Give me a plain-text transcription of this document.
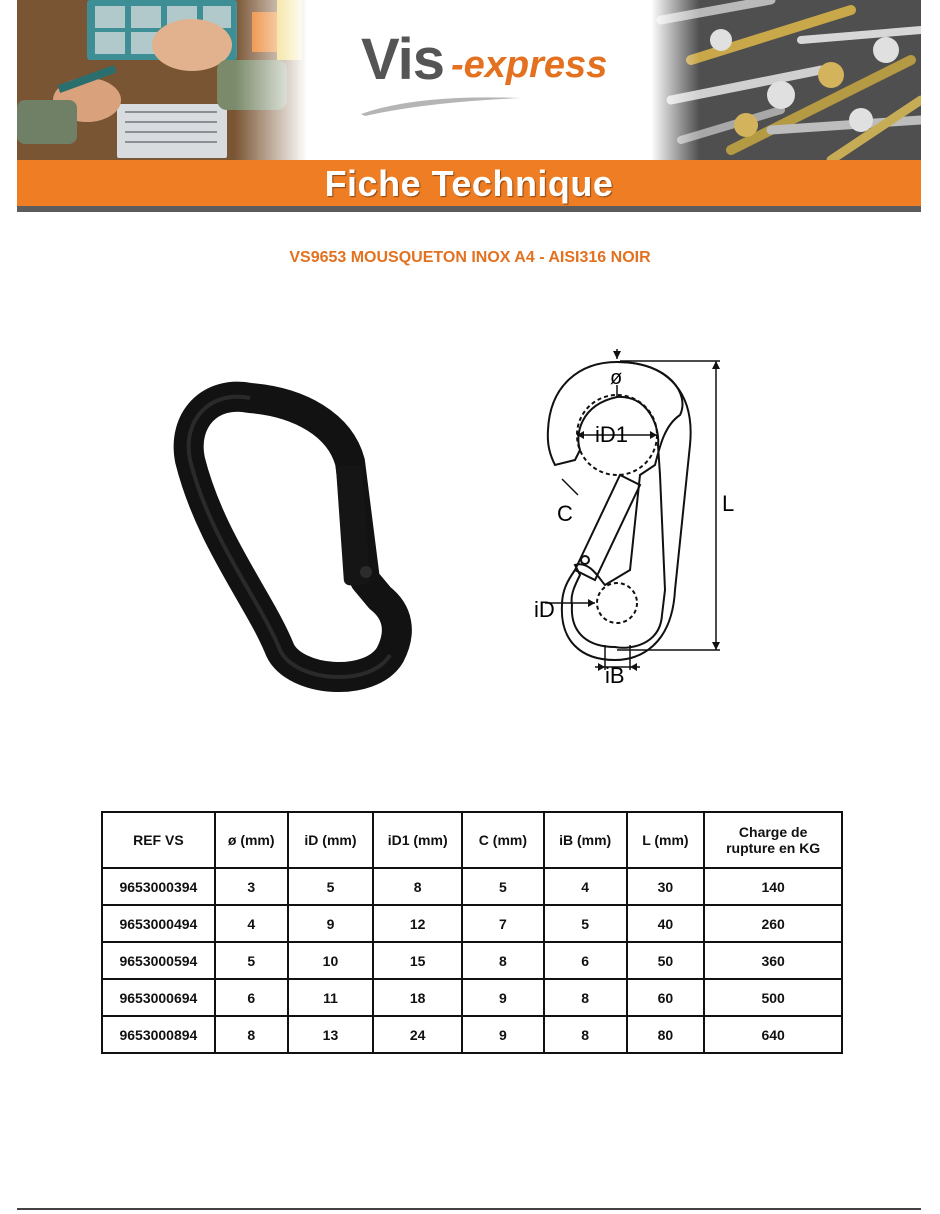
Vis -express
Fiche Technique
VS9653 MOUSQUETON INOX A4 - AISI316 NOIR
ø
iD1
C	L
iD
iB
REF VS	ø (mm)	iD (mm)	iD1 (mm)	C (mm)	iB (mm)	L (mm)	Charge de rupture en KG
9653000394	3	5	8	5	4	30	140
9653000494	4	9	12	7	5	40	260
9653000594	5	10	15	8	6	50	360
9653000694	6	11	18	9	8	60	500
9653000894	8	13	24	9	8	80	640
